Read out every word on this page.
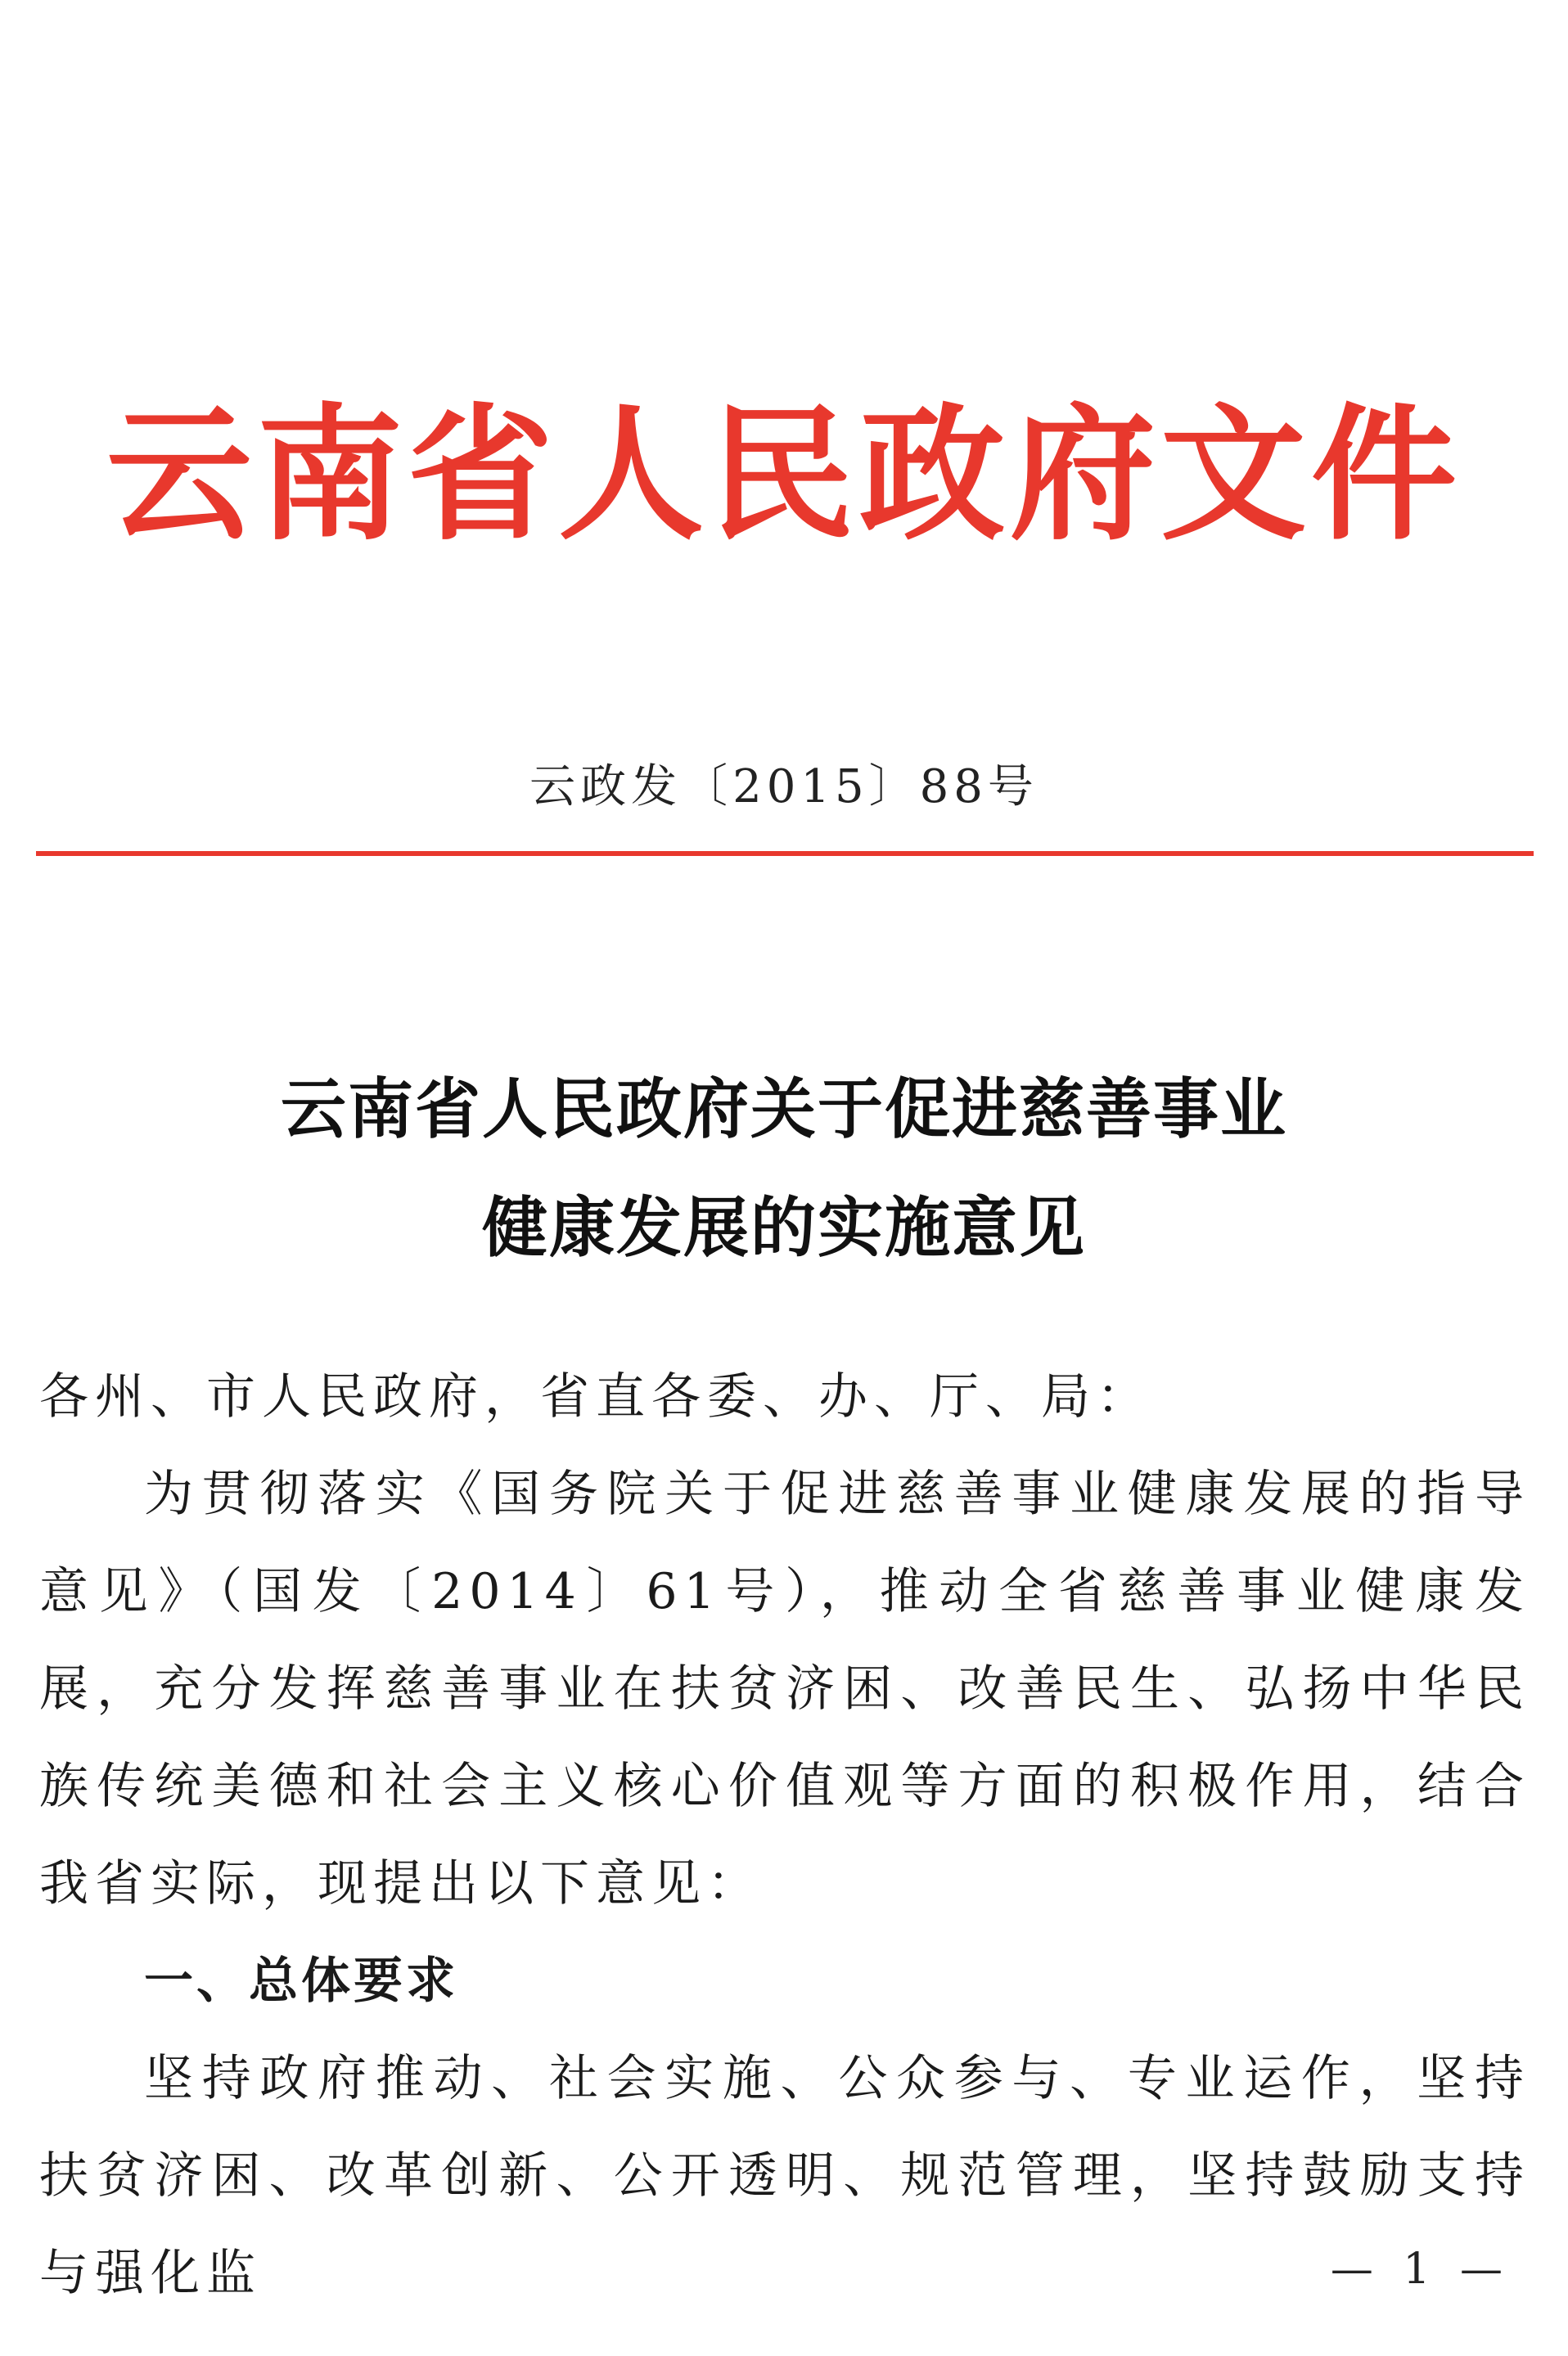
云南省人民政府文件
云政发〔2015〕88号
云南省人民政府关于促进慈善事业
健康发展的实施意见

各州、市人民政府，省直各委、办、厅、局：

为贯彻落实《国务院关于促进慈善事业健康发展的指导意见》（国发〔2014〕61号），推动全省慈善事业健康发展，充分发挥慈善事业在扶贫济困、改善民生、弘扬中华民族传统美德和社会主义核心价值观等方面的积极作用，结合我省实际，现提出以下意见：

一、总体要求

坚持政府推动、社会实施、公众参与、专业运作，坚持扶贫济困、改革创新、公开透明、规范管理，坚持鼓励支持与强化监	— 1 —
